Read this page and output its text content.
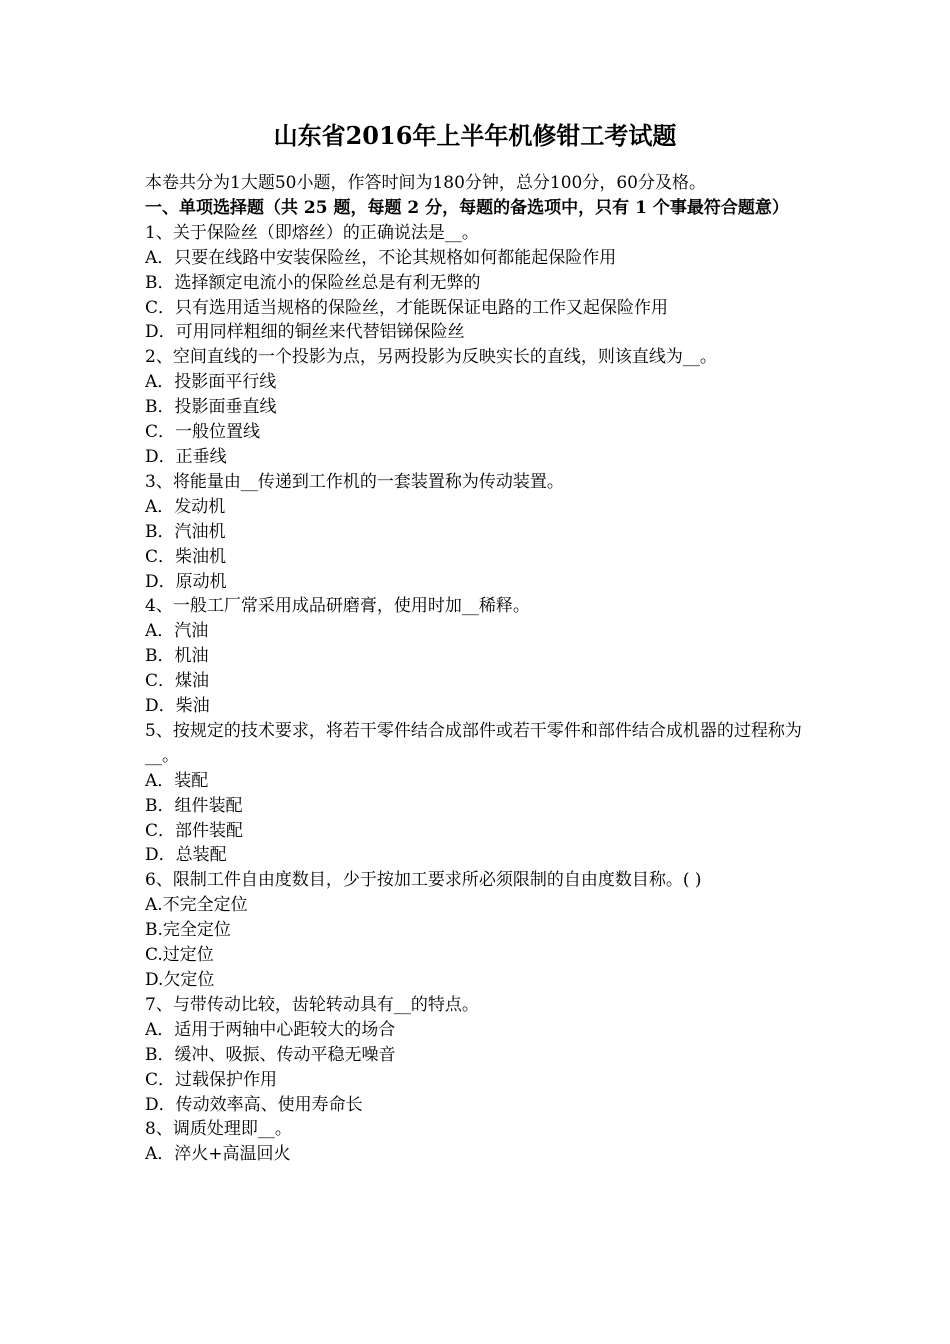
山东省2016年上半年机修钳工考试题
本卷共分为1大题50小题，作答时间为180分钟，总分100分，60分及格。
一、单项选择题（共 25 题，每题 2 分，每题的备选项中，只有 1 个事最符合题意）
1、关于保险丝（即熔丝）的正确说法是__。
A．只要在线路中安装保险丝，不论其规格如何都能起保险作用
B．选择额定电流小的保险丝总是有利无弊的
C．只有选用适当规格的保险丝，才能既保证电路的工作又起保险作用
D．可用同样粗细的铜丝来代替铝锑保险丝
2、空间直线的一个投影为点，另两投影为反映实长的直线，则该直线为__。
A．投影面平行线
B．投影面垂直线
C．一般位置线
D．正垂线
3、将能量由__传递到工作机的一套装置称为传动装置。
A．发动机
B．汽油机
C．柴油机
D．原动机
4、一般工厂常采用成品研磨膏，使用时加__稀释。
A．汽油
B．机油
C．煤油
D．柴油
5、按规定的技术要求，将若干零件结合成部件或若干零件和部件结合成机器的过程称为__。
A．装配
B．组件装配
C．部件装配
D．总装配
6、限制工件自由度数目，少于按加工要求所必须限制的自由度数目称。( )
A.不完全定位
B.完全定位
C.过定位
D.欠定位
7、与带传动比较，齿轮转动具有__的特点。
A．适用于两轴中心距较大的场合
B．缓冲、吸振、传动平稳无噪音
C．过载保护作用
D．传动效率高、使用寿命长
8、调质处理即__。
A．淬火+高温回火
